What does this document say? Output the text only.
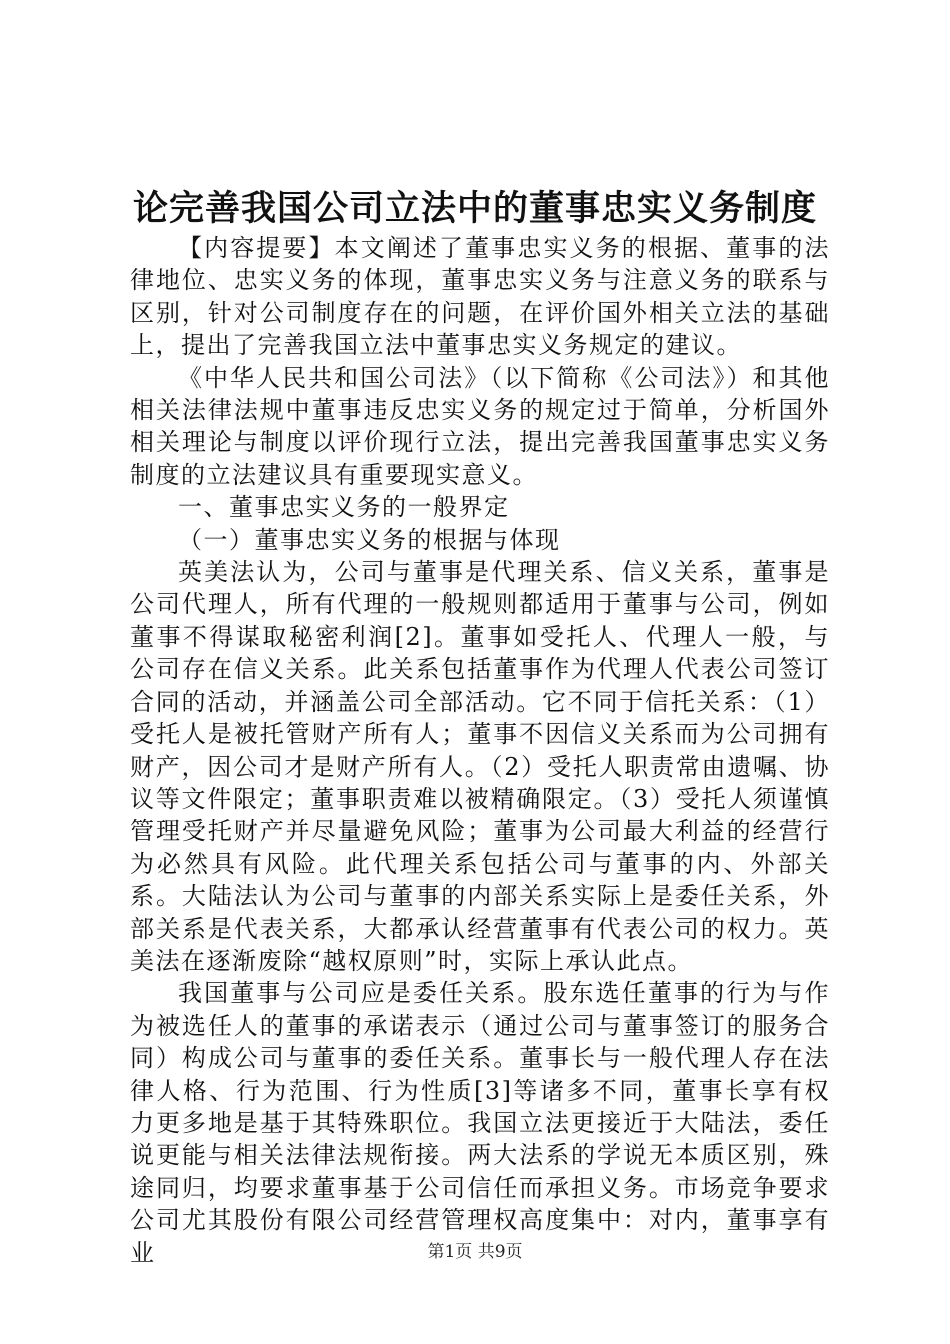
论完善我国公司立法中的董事忠实义务制度

【内容提要】本文阐述了董事忠实义务的根据、董事的法律地位、忠实义务的体现，董事忠实义务与注意义务的联系与区别，针对公司制度存在的问题，在评价国外相关立法的基础上，提出了完善我国立法中董事忠实义务规定的建议。

《中华人民共和国公司法》（以下简称《公司法》）和其他相关法律法规中董事违反忠实义务的规定过于简单，分析国外相关理论与制度以评价现行立法，提出完善我国董事忠实义务制度的立法建议具有重要现实意义。

一、董事忠实义务的一般界定

（一）董事忠实义务的根据与体现

英美法认为，公司与董事是代理关系、信义关系，董事是公司代理人，所有代理的一般规则都适用于董事与公司，例如董事不得谋取秘密利润[2]。董事如受托人、代理人一般，与公司存在信义关系。此关系包括董事作为代理人代表公司签订合同的活动，并涵盖公司全部活动。它不同于信托关系：（1）受托人是被托管财产所有人；董事不因信义关系而为公司拥有财产，因公司才是财产所有人。（2）受托人职责常由遗嘱、协议等文件限定；董事职责难以被精确限定。（3）受托人须谨慎管理受托财产并尽量避免风险；董事为公司最大利益的经营行为必然具有风险。此代理关系包括公司与董事的内、外部关系。大陆法认为公司与董事的内部关系实际上是委任关系，外部关系是代表关系，大都承认经营董事有代表公司的权力。英美法在逐渐废除“越权原则”时，实际上承认此点。

我国董事与公司应是委任关系。股东选任董事的行为与作为被选任人的董事的承诺表示（通过公司与董事签订的服务合同）构成公司与董事的委任关系。董事长与一般代理人存在法律人格、行为范围、行为性质[3]等诸多不同，董事长享有权力更多地是基于其特殊职位。我国立法更接近于大陆法，委任说更能与相关法律法规衔接。两大法系的学说无本质区别，殊途同归，均要求董事基于公司信任而承担义务。市场竞争要求公司尤其股份有限公司经营管理权高度集中：对内，董事享有业	第1页 共9页
